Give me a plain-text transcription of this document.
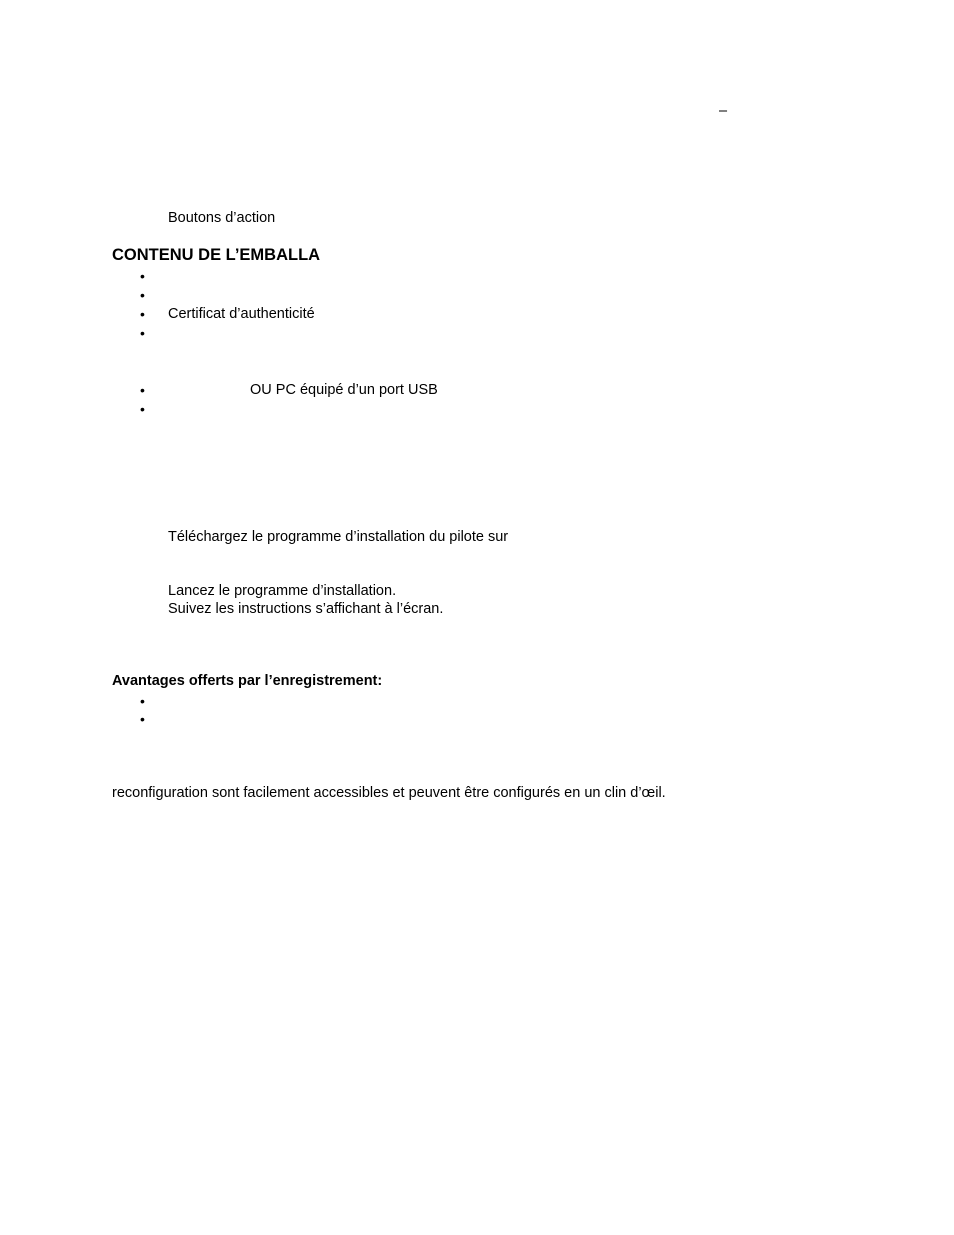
–
Boutons d’action
CONTENU DE L’EMBALLA
•
•
• Certificat d’authenticité
•
•	OU PC équipé d’un port USB
•
Téléchargez le programme d’installation du pilote sur
Lancez le programme d’installation.
Suivez les instructions s’affichant à l’écran.
Avantages offerts par l’enregistrement:
•
•
reconfiguration sont facilement accessibles et peuvent être configurés en un clin d’œil.
